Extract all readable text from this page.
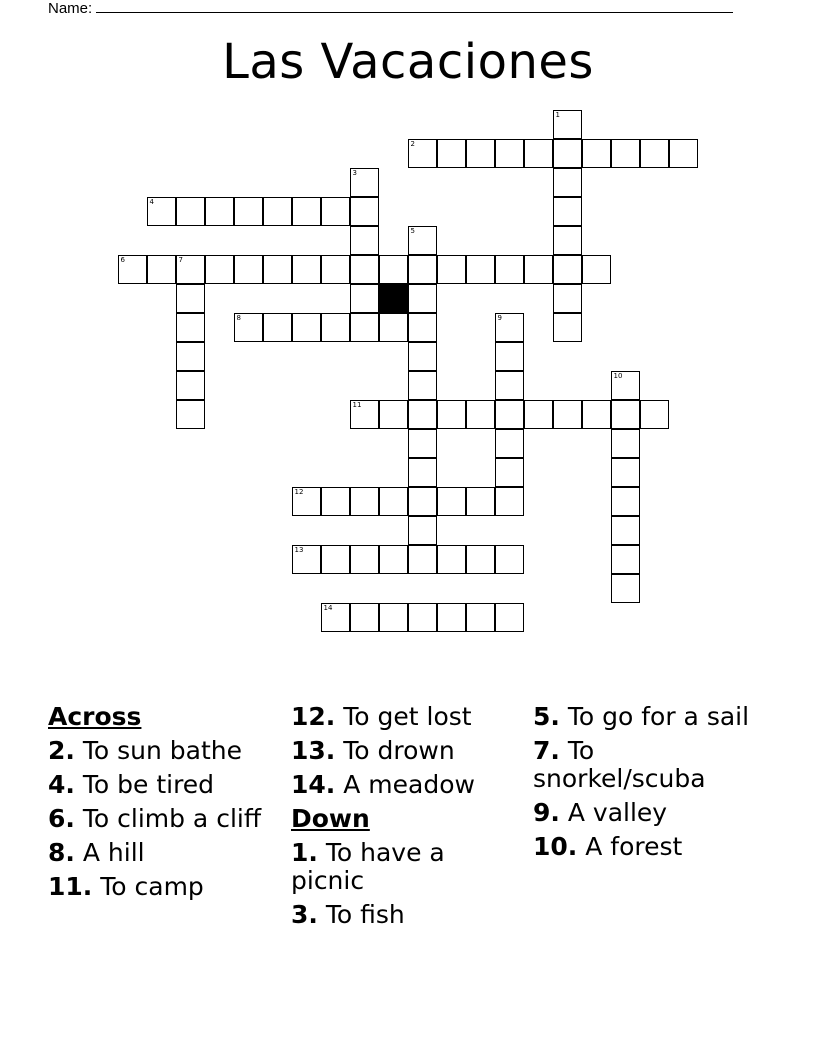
Name:
Las Vacaciones
2
4
6	7
8
11
12
13
14
1
3
5
9
10
Across
2. To sun bathe
4. To be tired
6. To climb a cliff
8. A hill
11. To camp
12. To get lost
13. To drown
14. A meadow
Down
1. To have a picnic
3. To fish
5. To go for a sail
7. To snorkel/scuba
9. A valley
10. A forest
